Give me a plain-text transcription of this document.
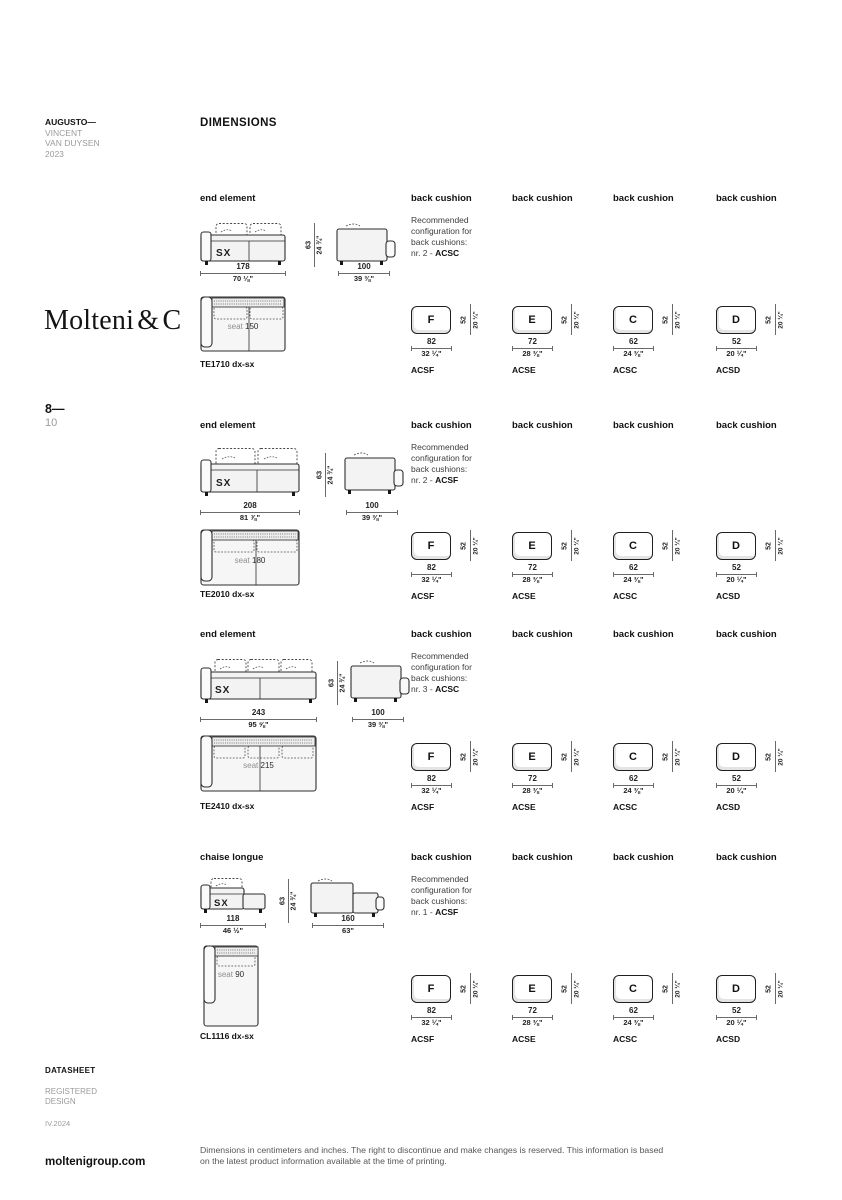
AUGUSTO—
VINCENT
VAN DUYSEN
2023
DIMENSIONS
Molteni & C
8—
10
DATASHEET
REGISTERED
DESIGN
IV.2024
moltenigroup.com
Dimensions in centimeters and inches. The right to discontinue and make changes is reserved. This information is based
on the latest product information available at the time of printing.
end element	back cushion	back cushion	back cushion	back cushion
Recommended
configuration for
back cushions:
nr. 2 - ACSC
SX
63 24 ¾"
178
70 ⅛"
100
39 ⅜"
seat 150
TE1710 dx-sx
F	52 20 ¼"
82
32 ¼"
ACSF
E	52 20 ¼"
72
28 ⅜"
ACSE
C	52 20 ¼"
62
24 ⅜"
ACSC
D	52 20 ¼"
52
20 ¼"
ACSD
end element	back cushion	back cushion	back cushion	back cushion
Recommended
configuration for
back cushions:
nr. 2 - ACSF
SX
63 24 ¾"
208
81 ⅞"
100
39 ⅜"
seat 180
TE2010 dx-sx
F	52 20 ¼"
82
32 ¼"
ACSF
E	52 20 ¼"
72
28 ⅜"
ACSE
C	52 20 ¼"
62
24 ⅜"
ACSC
D	52 20 ¼"
52
20 ¼"
ACSD
end element	back cushion	back cushion	back cushion	back cushion
Recommended
configuration for
back cushions:
nr. 3 - ACSC
SX
63 24 ¾"
243
95 ⅝"
100
39 ⅜"
seat 215
TE2410 dx-sx
F	52 20 ¼"
82
32 ¼"
ACSF
E	52 20 ¼"
72
28 ⅜"
ACSE
C	52 20 ¼"
62
24 ⅜"
ACSC
D	52 20 ¼"
52
20 ¼"
ACSD
chaise longue	back cushion	back cushion	back cushion	back cushion
Recommended
configuration for
back cushions:
nr. 1 - ACSF
SX	63 24 ¾"
118
46 ½"
160
63"
seat 90
CL1116 dx-sx
F	52 20 ¼"
82
32 ¼"
ACSF
E	52 20 ¼"
72
28 ⅜"
ACSE
C	52 20 ¼"
62
24 ⅜"
ACSC
D	52 20 ¼"
52
20 ¼"
ACSD
